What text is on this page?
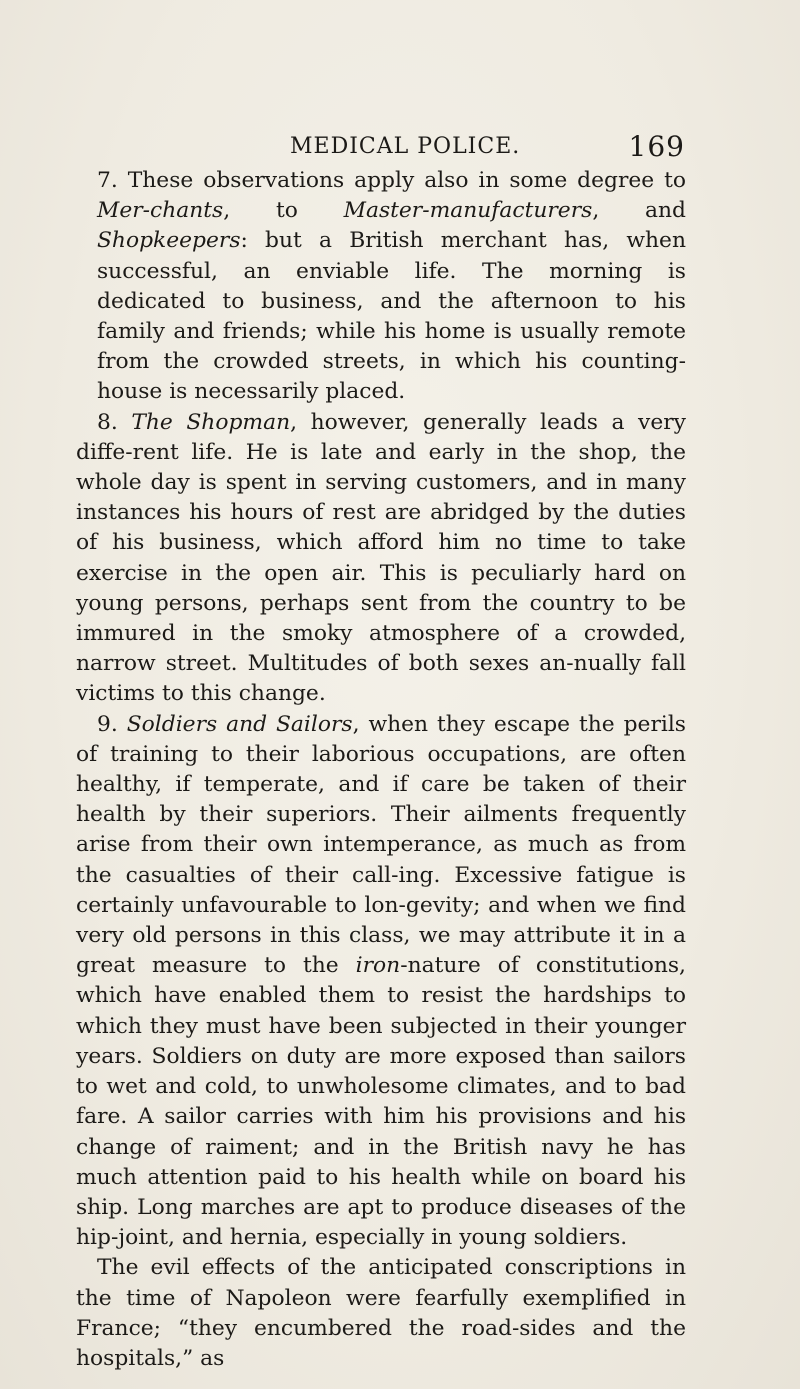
MEDICAL POLICE.	169

7. These observations apply also in some degree to Mer-chants, to Master-manufacturers, and Shopkeepers: but a British merchant has, when successful, an enviable life. The morning is dedicated to business, and the afternoon to his family and friends; while his home is usually remote from the crowded streets, in which his counting-house is necessarily placed.

8. The Shopman, however, generally leads a very diffe-rent life. He is late and early in the shop, the whole day is spent in serving customers, and in many instances his hours of rest are abridged by the duties of his business, which afford him no time to take exercise in the open air. This is peculiarly hard on young persons, perhaps sent from the country to be immured in the smoky atmosphere of a crowded, narrow street. Multitudes of both sexes an-nually fall victims to this change.

9. Soldiers and Sailors, when they escape the perils of training to their laborious occupations, are often healthy, if temperate, and if care be taken of their health by their superiors. Their ailments frequently arise from their own intemperance, as much as from the casualties of their call-ing. Excessive fatigue is certainly unfavourable to lon-gevity; and when we find very old persons in this class, we may attribute it in a great measure to the iron-nature of constitutions, which have enabled them to resist the hardships to which they must have been subjected in their younger years. Soldiers on duty are more exposed than sailors to wet and cold, to unwholesome climates, and to bad fare. A sailor carries with him his provisions and his change of raiment; and in the British navy he has much attention paid to his health while on board his ship. Long marches are apt to produce diseases of the hip-joint, and hernia, especially in young soldiers.

The evil effects of the anticipated conscriptions in the time of Napoleon were fearfully exemplified in France; “they encumbered the road-sides and the hospitals,” as
